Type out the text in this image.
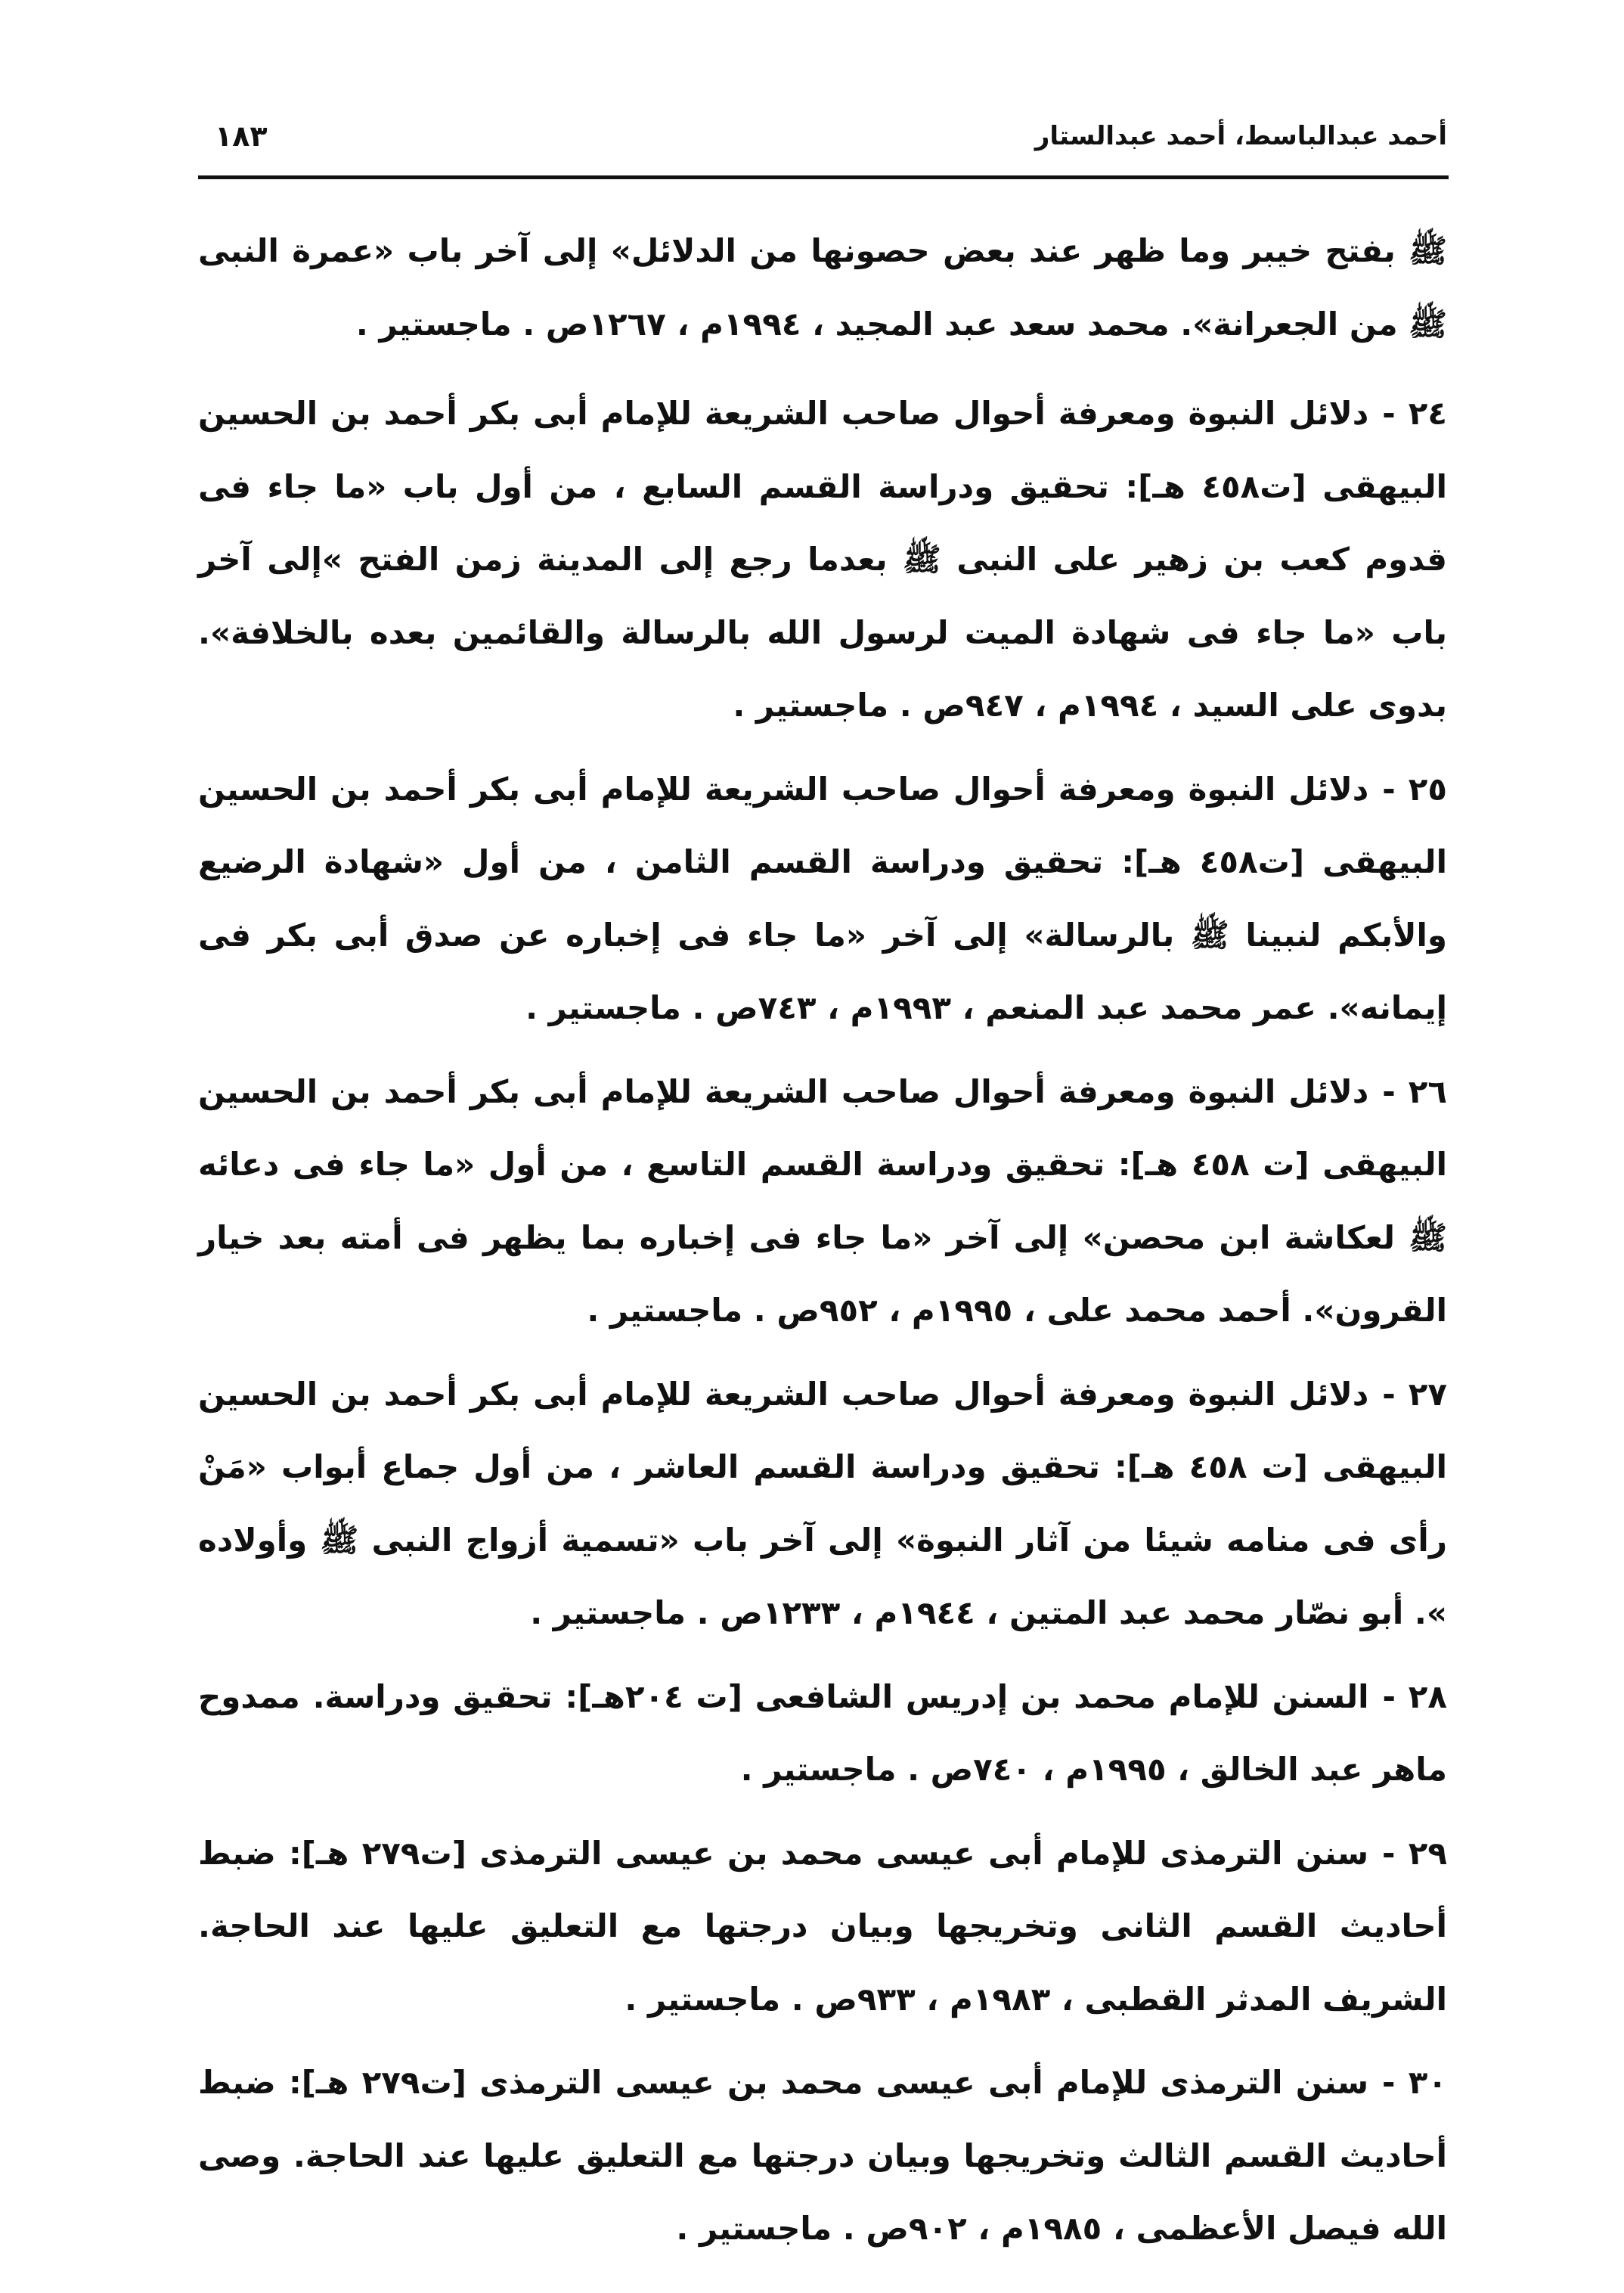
أحمد عبدالباسط، أحمد عبدالستار
١٨٣

ﷺ بفتح خيبر وما ظهر عند بعض حصونها من الدلائل» إلى آخر باب «عمرة النبى ﷺ من الجعرانة». محمد سعد عبد المجيد ، ١٩٩٤م ، ١٢٦٧ص . ماجستير .

٢٤ -دلائل النبوة ومعرفة أحوال صاحب الشريعة للإمام أبى بكر أحمد بن الحسين البيهقى [ت٤٥٨ هـ]: تحقيق ودراسة القسم السابع ، من أول باب «ما جاء فى قدوم كعب بن زهير على النبى ﷺ بعدما رجع إلى المدينة زمن الفتح »إلى آخر باب «ما جاء فى شهادة الميت لرسول الله بالرسالة والقائمين بعده بالخلافة». بدوى على السيد ، ١٩٩٤م ، ٩٤٧ص . ماجستير .

٢٥ -دلائل النبوة ومعرفة أحوال صاحب الشريعة للإمام أبى بكر أحمد بن الحسين البيهقى [ت٤٥٨ هـ]: تحقيق ودراسة القسم الثامن ، من أول «شهادة الرضيع والأبكم لنبينا ﷺ بالرسالة» إلى آخر «ما جاء فى إخباره عن صدق أبى بكر فى إيمانه». عمر محمد عبد المنعم ، ١٩٩٣م ، ٧٤٣ص . ماجستير .

٢٦ -دلائل النبوة ومعرفة أحوال صاحب الشريعة للإمام أبى بكر أحمد بن الحسين البيهقى [ت ٤٥٨ هـ]: تحقيق ودراسة القسم التاسع ، من أول «ما جاء فى دعائه ﷺ لعكاشة ابن محصن» إلى آخر «ما جاء فى إخباره بما يظهر فى أمته بعد خيار القرون». أحمد محمد على ، ١٩٩٥م ، ٩٥٢ص . ماجستير .

٢٧ -دلائل النبوة ومعرفة أحوال صاحب الشريعة للإمام أبى بكر أحمد بن الحسين البيهقى [ت ٤٥٨ هـ]: تحقيق ودراسة القسم العاشر ، من أول جماع أبواب «مَنْ رأى فى منامه شيئا من آثار النبوة» إلى آخر باب «تسمية أزواج النبى ﷺ وأولاده ». أبو نصّار محمد عبد المتين ، ١٩٤٤م ، ١٢٣٣ص . ماجستير .

٢٨ -السنن للإمام محمد بن إدريس الشافعى [ت ٢٠٤هـ]: تحقيق ودراسة. ممدوح ماهر عبد الخالق ، ١٩٩٥م ، ٧٤٠ص . ماجستير .

٢٩ -سنن الترمذى للإمام أبى عيسى محمد بن عيسى الترمذى [ت٢٧٩ هـ]: ضبط أحاديث القسم الثانى وتخريجها وبيان درجتها مع التعليق عليها عند الحاجة. الشريف المدثر القطبى ، ١٩٨٣م ، ٩٣٣ص . ماجستير .

٣٠ -سنن الترمذى للإمام أبى عيسى محمد بن عيسى الترمذى [ت٢٧٩ هـ]: ضبط أحاديث القسم الثالث وتخريجها وبيان درجتها مع التعليق عليها عند الحاجة. وصى الله فيصل الأعظمى ، ١٩٨٥م ، ٩٠٢ص . ماجستير .
